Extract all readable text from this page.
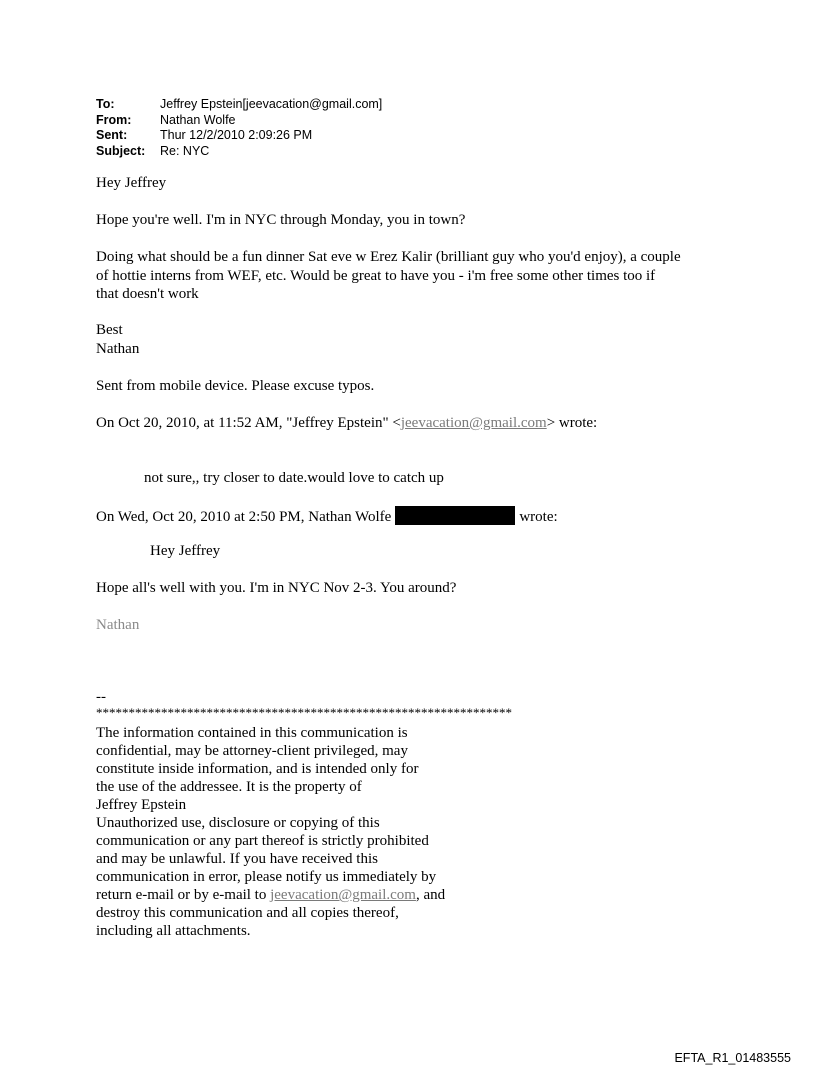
To:	Jeffrey Epstein[jeevacation@gmail.com]
From:	Nathan Wolfe
Sent:	Thur 12/2/2010 2:09:26 PM
Subject:	Re: NYC
Hey Jeffrey
Hope you're well. I'm in NYC through Monday, you in town?
Doing what should be a fun dinner Sat eve w Erez Kalir (brilliant guy who you'd enjoy), a couple
of hottie interns from WEF, etc. Would be great to have you - i'm free some other times too if
that doesn't work
Best
Nathan
Sent from mobile device. Please excuse typos.
On Oct 20, 2010, at 11:52 AM, "Jeffrey Epstein" <jeevacation@gmail.com> wrote:
not sure,, try closer to date.would love to catch up
On Wed, Oct 20, 2010 at 2:50 PM, Nathan Wolfe	wrote:
Hey Jeffrey
Hope all's well with you. I'm in NYC Nov 2-3. You around?
Nathan
--
****************************************************************
The information contained in this communication is
confidential, may be attorney-client privileged, may
constitute inside information, and is intended only for
the use of the addressee. It is the property of
Jeffrey Epstein
Unauthorized use, disclosure or copying of this
communication or any part thereof is strictly prohibited
and may be unlawful. If you have received this
communication in error, please notify us immediately by
return e-mail or by e-mail to jeevacation@gmail.com, and
destroy this communication and all copies thereof,
including all attachments.
EFTA_R1_01483555
